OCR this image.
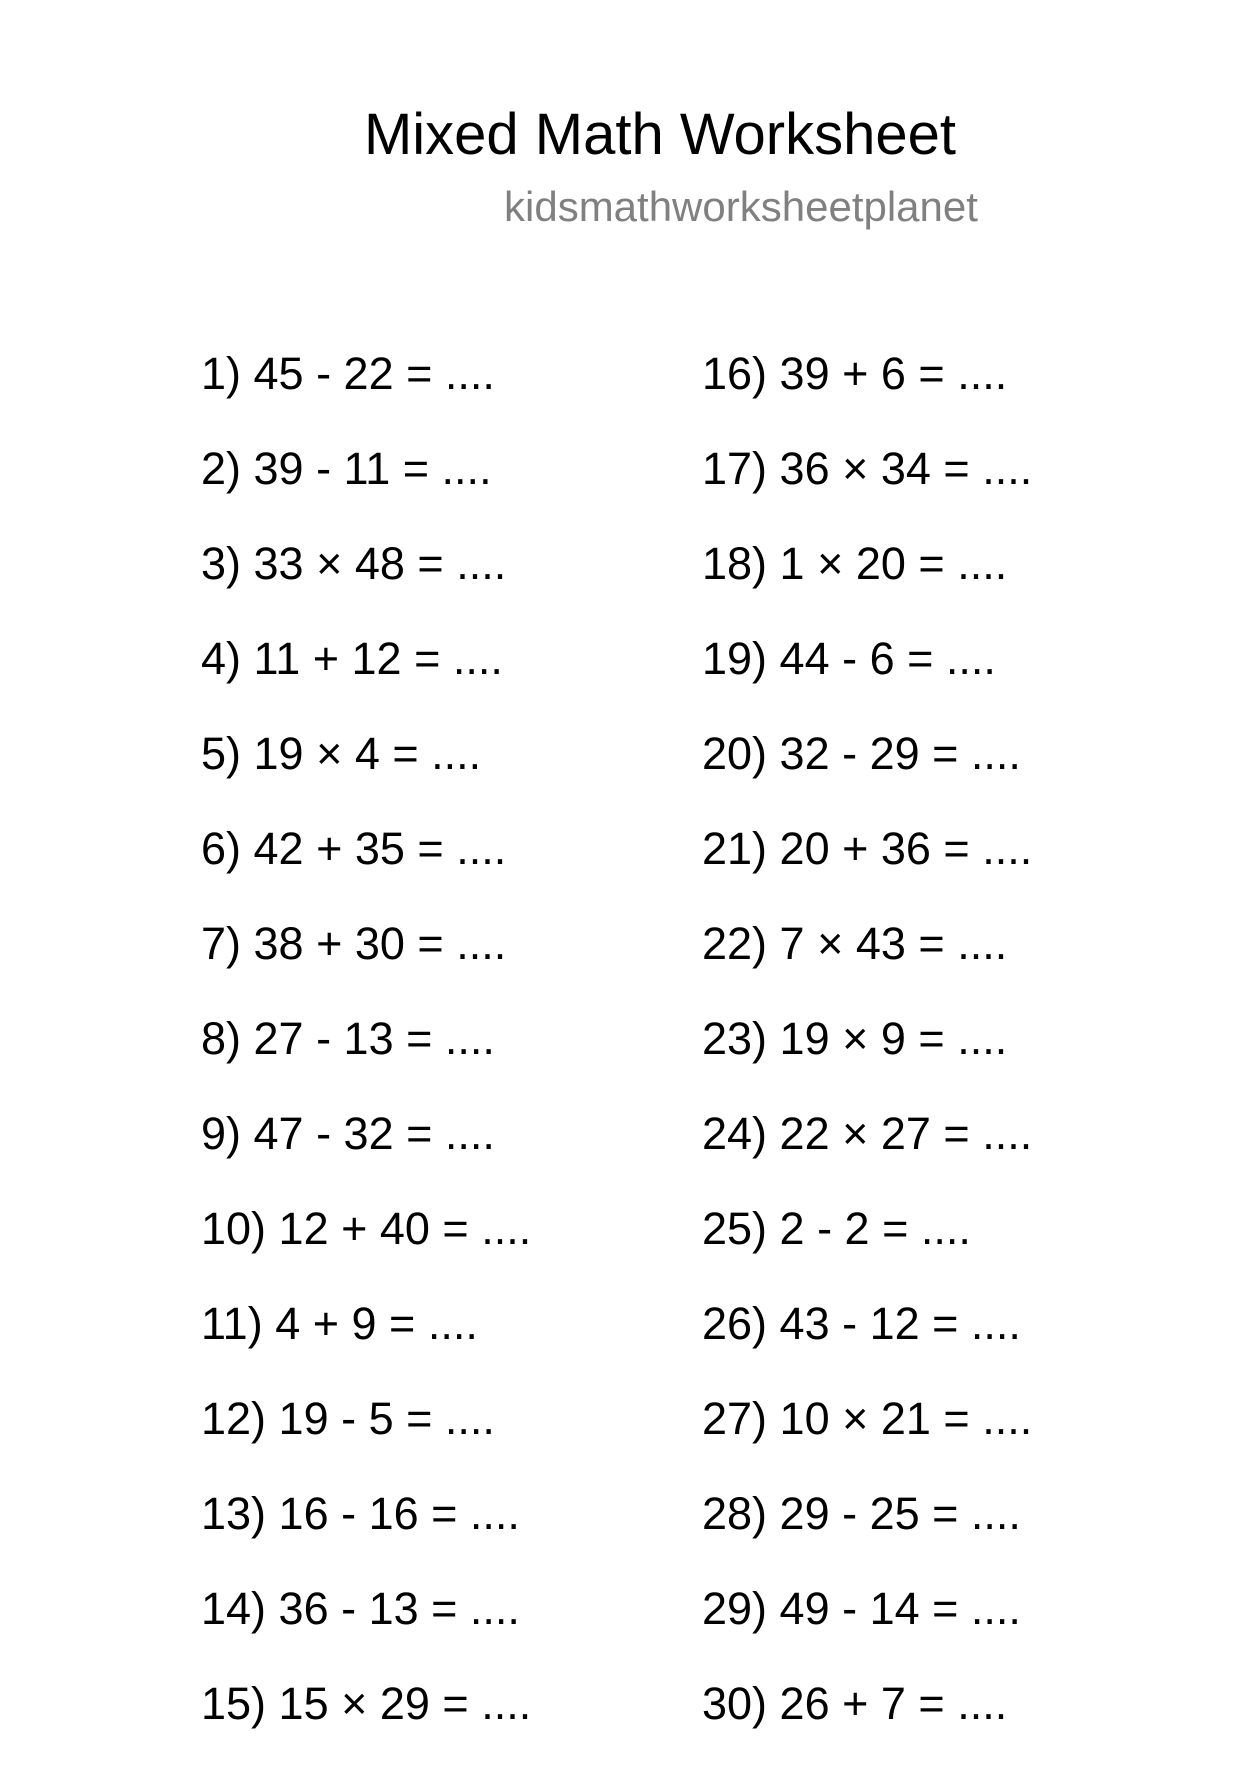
Mixed Math Worksheet
kidsmathworksheetplanet
1) 45 - 22 = ....
2) 39 - 11 = ....
3) 33 × 48 = ....
4) 11 + 12 = ....
5) 19 × 4 = ....
6) 42 + 35 = ....
7) 38 + 30 = ....
8) 27 - 13 = ....
9) 47 - 32 = ....
10) 12 + 40 = ....
11) 4 + 9 = ....
12) 19 - 5 = ....
13) 16 - 16 = ....
14) 36 - 13 = ....
15) 15 × 29 = ....
16) 39 + 6 = ....
17) 36 × 34 = ....
18) 1 × 20 = ....
19) 44 - 6 = ....
20) 32 - 29 = ....
21) 20 + 36 = ....
22) 7 × 43 = ....
23) 19 × 9 = ....
24) 22 × 27 = ....
25) 2 - 2 = ....
26) 43 - 12 = ....
27) 10 × 21 = ....
28) 29 - 25 = ....
29) 49 - 14 = ....
30) 26 + 7 = ....
